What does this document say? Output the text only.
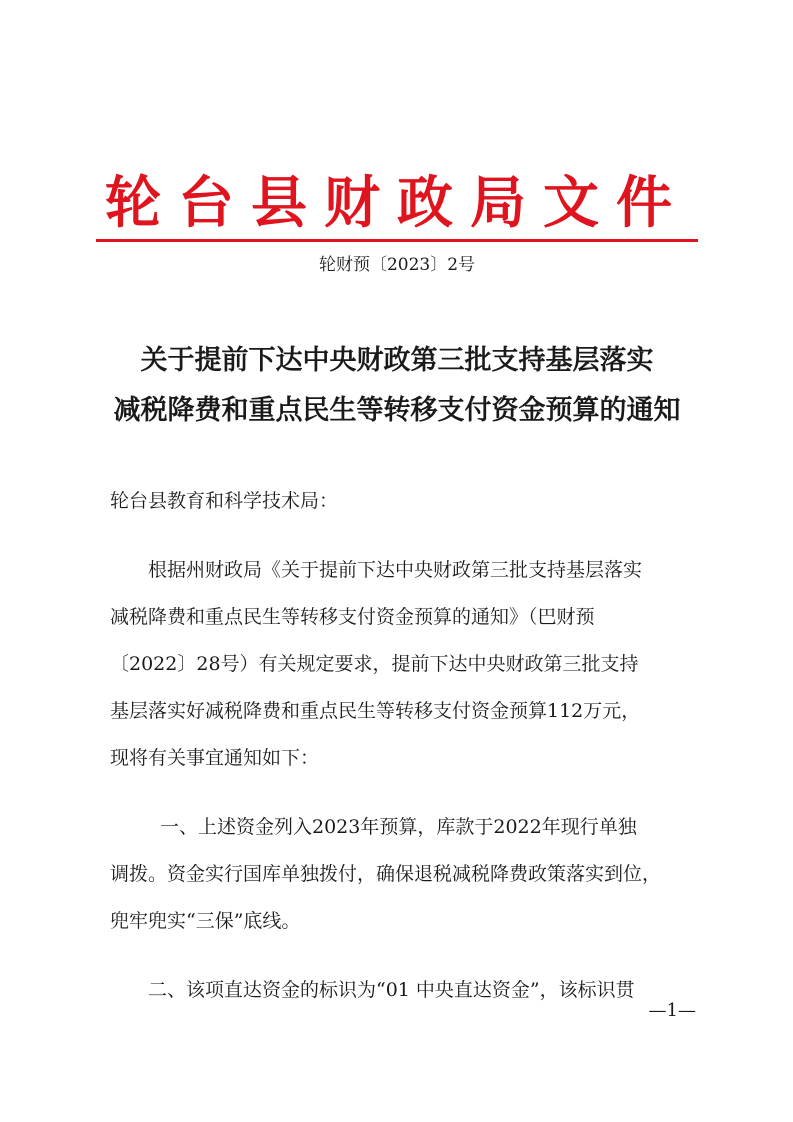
轮台县财政局文件
轮财预〔2023〕2号
关于提前下达中央财政第三批支持基层落实
减税降费和重点民生等转移支付资金预算的通知

轮台县教育和科学技术局：

根据州财政局《关于提前下达中央财政第三批支持基层落实
减税降费和重点民生等转移支付资金预算的通知》（巴财预
〔2022〕28号）有关规定要求，提前下达中央财政第三批支持
基层落实好减税降费和重点民生等转移支付资金预算112万元，
现将有关事宜通知如下：

一、上述资金列入2023年预算，库款于2022年现行单独
调拨。资金实行国库单独拨付，确保退税减税降费政策落实到位，
兜牢兜实“三保”底线。

二、该项直达资金的标识为“01 中央直达资金”，该标识贯

—1—
